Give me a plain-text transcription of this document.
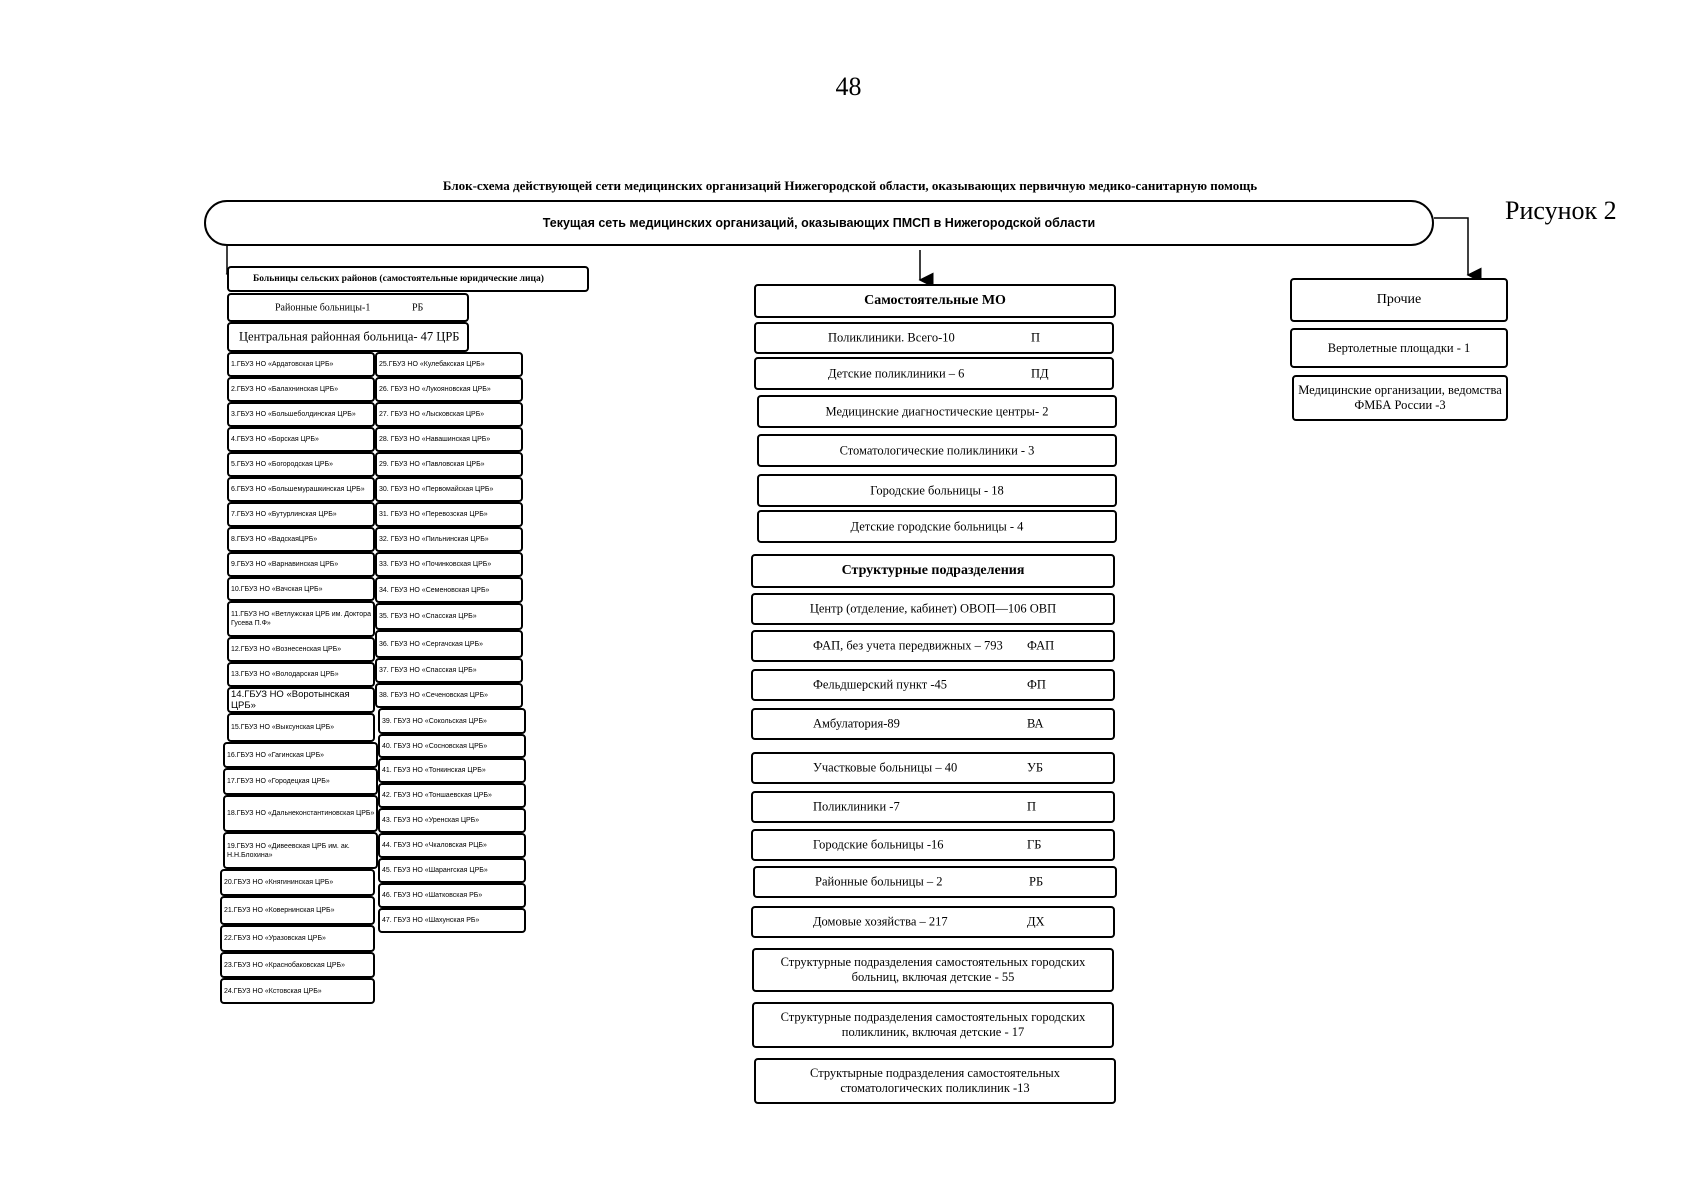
48
Рисунок 2
Блок-схема действующей сети медицинских организаций Нижегородской области, оказывающих первичную медико-санитарную помощь
Текущая сеть медицинских организаций, оказывающих ПМСП в Нижегородской области
Больницы сельских районов (самостоятельные юридические лица)
Районные больницы-1	РБ
Центральная районная больница- 47 ЦРБ
1.ГБУЗ НО «Ардатовская ЦРБ»
2.ГБУЗ НО «Балахнинская ЦРБ»
3.ГБУЗ НО «Большеболдинская ЦРБ»
4.ГБУЗ НО «Борская ЦРБ»
5.ГБУЗ НО «Богородская ЦРБ»
6.ГБУЗ НО «Большемурашкинская ЦРБ»
7.ГБУЗ НО «Бутурлинская ЦРБ»
8.ГБУЗ НО «ВадскаяЦРБ»
9.ГБУЗ НО «Варнавинская ЦРБ»
10.ГБУЗ НО «Вачская ЦРБ»
11.ГБУЗ НО «Ветлужская ЦРБ им. Доктора Гусева П.Ф»
12.ГБУЗ НО «Вознесенская ЦРБ»
13.ГБУЗ НО «Володарская ЦРБ»
14.ГБУЗ НО «Воротынская ЦРБ»
15.ГБУЗ НО «Выксунская ЦРБ»
16.ГБУЗ НО «Гагинская ЦРБ»
17.ГБУЗ НО «Городецкая ЦРБ»
18.ГБУЗ НО «Дальнеконстантиновская ЦРБ»
19.ГБУЗ НО «Дивеевская ЦРБ им. ак. Н.Н.Блохина»
20.ГБУЗ НО «Княгининская ЦРБ»
21.ГБУЗ НО «Ковернинская ЦРБ»
22.ГБУЗ НО «Уразовская ЦРБ»
23.ГБУЗ НО «Краснобаковская ЦРБ»
24.ГБУЗ НО «Кстовская ЦРБ»
25.ГБУЗ НО «Кулебакская ЦРБ»
26. ГБУЗ НО «Лукояновская ЦРБ»
27. ГБУЗ НО «Лысковская ЦРБ»
28. ГБУЗ НО «Навашинская ЦРБ»
29. ГБУЗ НО «Павловская ЦРБ»
30. ГБУЗ НО «Первомайская ЦРБ»
31. ГБУЗ НО «Перевозская ЦРБ»
32. ГБУЗ НО «Пильнинская ЦРБ»
33. ГБУЗ НО «Починковская ЦРБ»
34. ГБУЗ НО «Семеновская ЦРБ»
35. ГБУЗ НО «Спасская ЦРБ»
36. ГБУЗ НО «Сергачская ЦРБ»
37. ГБУЗ НО «Спасская ЦРБ»
38. ГБУЗ НО «Сеченовская ЦРБ»
39. ГБУЗ НО «Сокольская ЦРБ»
40. ГБУЗ НО «Сосновская ЦРБ»
41. ГБУЗ НО «Тонкинская ЦРБ»
42. ГБУЗ НО «Тоншаевская ЦРБ»
43. ГБУЗ НО «Уренская ЦРБ»
44. ГБУЗ НО «Чкаловская РЦБ»
45. ГБУЗ НО «Шарангская ЦРБ»
46. ГБУЗ НО «Шатковская РБ»
47. ГБУЗ НО «Шахунская РБ»
Самостоятельные МО
Поликлиники. Всего-10	П
Детские поликлиники – 6	ПД
Медицинские диагностические центры- 2
Стоматологические поликлиники - 3
Городские больницы - 18
Детские городские больницы - 4
Структурные подразделения
Центр (отделение, кабинет) ОВОП—106 ОВП
ФАП, без учета передвижных – 793 ФАП
Фельдшерский пункт -45	ФП
Амбулатория-89	ВА
Участковые больницы – 40	УБ
Поликлиники -7	П
Городские больницы -16	ГБ
Районные больницы – 2	РБ
Домовые хозяйства – 217	ДХ
Структурные подразделения самостоятельных городских больниц, включая детские - 55
Структурные подразделения самостоятельных городских поликлиник, включая детские - 17
Структырные подразделения самостоятельных стоматологических поликлиник -13
Прочие
Вертолетные площадки - 1
Медицинские организации, ведомства ФМБА России -3
